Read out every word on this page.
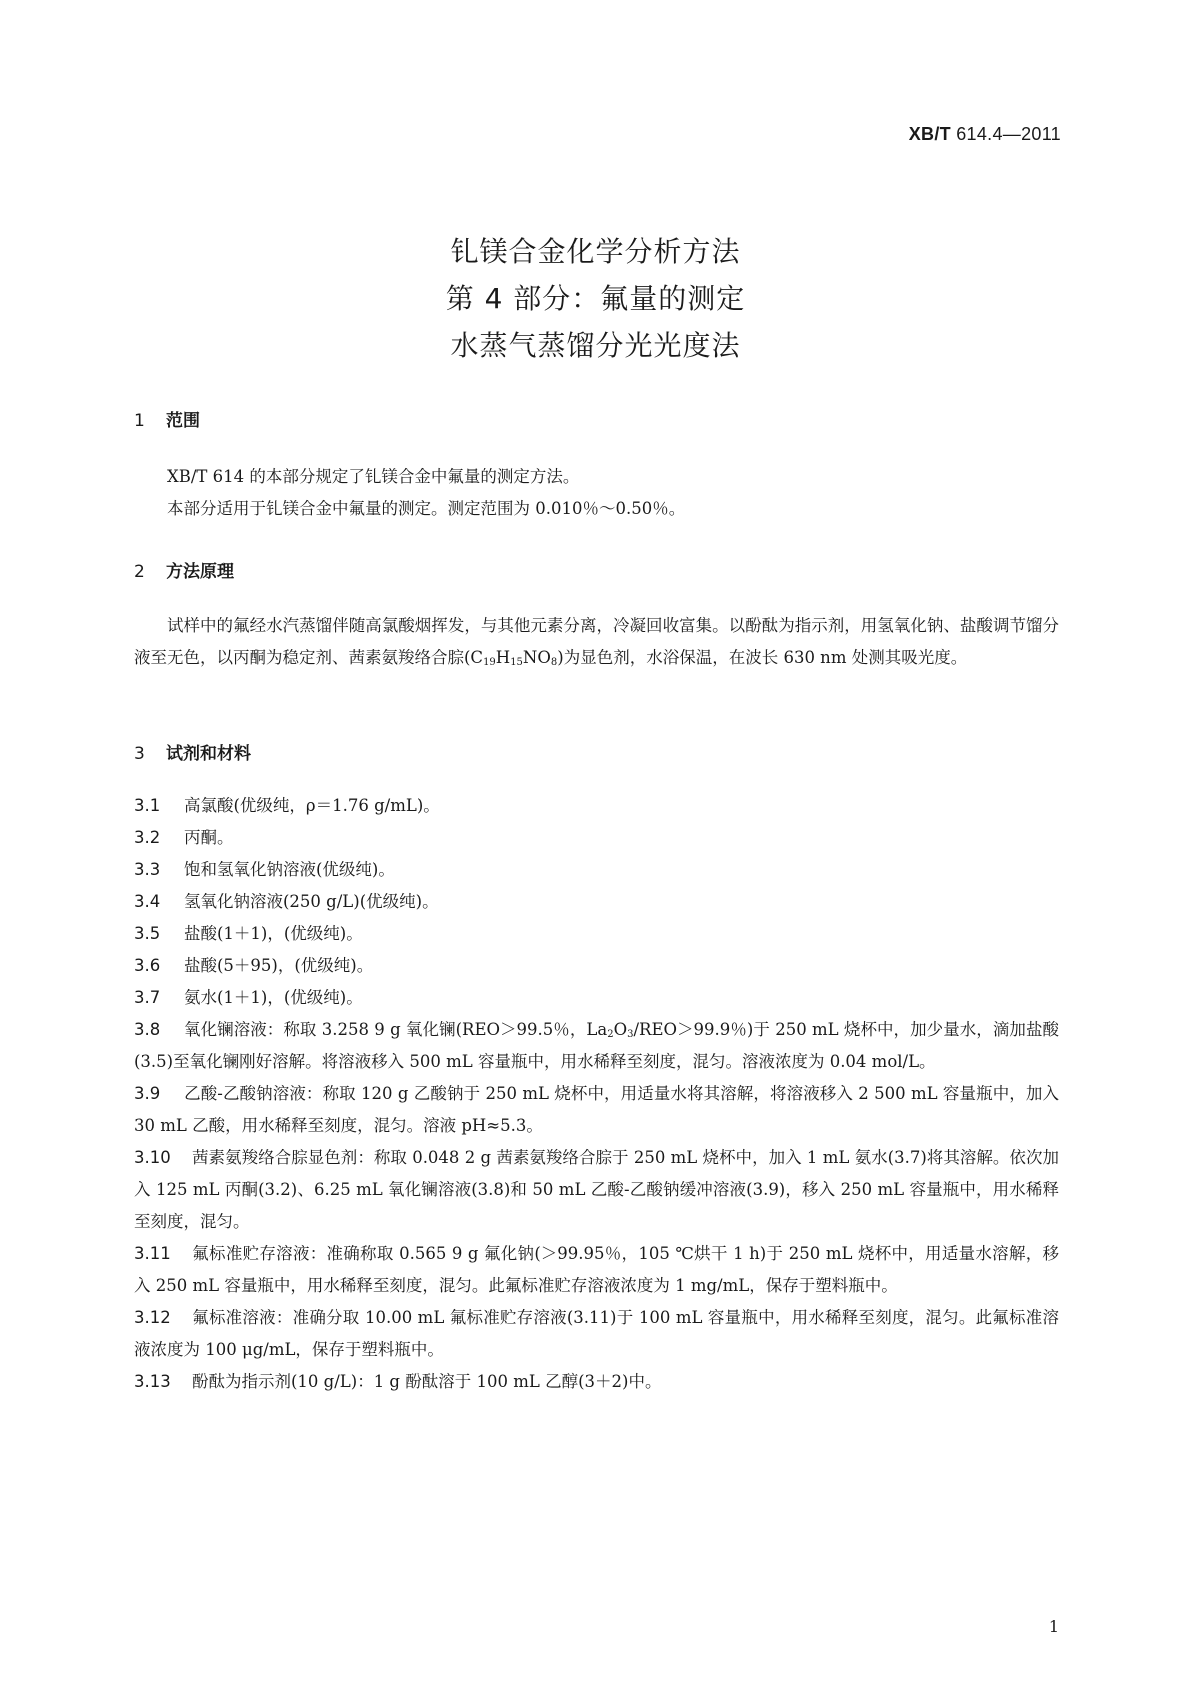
XB/T 614.4—2011
钆镁合金化学分析方法
第 4 部分：氟量的测定
水蒸气蒸馏分光光度法
1 范围

XB/T 614 的本部分规定了钆镁合金中氟量的测定方法。

本部分适用于钆镁合金中氟量的测定。测定范围为 0.010％～0.50％。

2 方法原理

试样中的氟经水汽蒸馏伴随高氯酸烟挥发，与其他元素分离，冷凝回收富集。以酚酞为指示剂，用氢氧化钠、盐酸调节馏分液至无色，以丙酮为稳定剂、茜素氨羧络合腙$(C_{19}H_{15}NO_8)$为显色剂，水浴保温，在波长 630 nm 处测其吸光度。

3 试剂和材料

3.1 高氯酸(优级纯，ρ＝1.76 g/mL)。

3.2 丙酮。

3.3 饱和氢氧化钠溶液(优级纯)。

3.4 氢氧化钠溶液(250 g/L)(优级纯)。

3.5 盐酸(1＋1)，(优级纯)。

3.6 盐酸(5＋95)，(优级纯)。

3.7 氨水(1＋1)，(优级纯)。

3.8 氧化镧溶液：称取 3.258 9 g 氧化镧(REO＞99.5％，$La_2O_3/REO>99.9$％)于 250 mL 烧杯中，加少量水，滴加盐酸(3.5)至氧化镧刚好溶解。将溶液移入 500 mL 容量瓶中，用水稀释至刻度，混匀。溶液浓度为 0.04 mol/L。

3.9 乙酸-乙酸钠溶液：称取 120 g 乙酸钠于 250 mL 烧杯中，用适量水将其溶解，将溶液移入 2 500 mL 容量瓶中，加入 30 mL 乙酸，用水稀释至刻度，混匀。溶液 pH≈5.3。

3.10 茜素氨羧络合腙显色剂：称取 0.048 2 g 茜素氨羧络合腙于 250 mL 烧杯中，加入 1 mL 氨水(3.7)将其溶解。依次加入 125 mL 丙酮(3.2)、6.25 mL 氧化镧溶液(3.8)和 50 mL 乙酸-乙酸钠缓冲溶液(3.9)，移入 250 mL 容量瓶中，用水稀释至刻度，混匀。

3.11 氟标准贮存溶液：准确称取 0.565 9 g 氟化钠(＞99.95％，105 ℃烘干 1 h)于 250 mL 烧杯中，用适量水溶解，移入 250 mL 容量瓶中，用水稀释至刻度，混匀。此氟标准贮存溶液浓度为 1 mg/mL，保存于塑料瓶中。

3.12 氟标准溶液：准确分取 10.00 mL 氟标准贮存溶液(3.11)于 100 mL 容量瓶中，用水稀释至刻度，混匀。此氟标准溶液浓度为 100 μg/mL，保存于塑料瓶中。

3.13 酚酞为指示剂(10 g/L)：1 g 酚酞溶于 100 mL 乙醇(3＋2)中。

1
